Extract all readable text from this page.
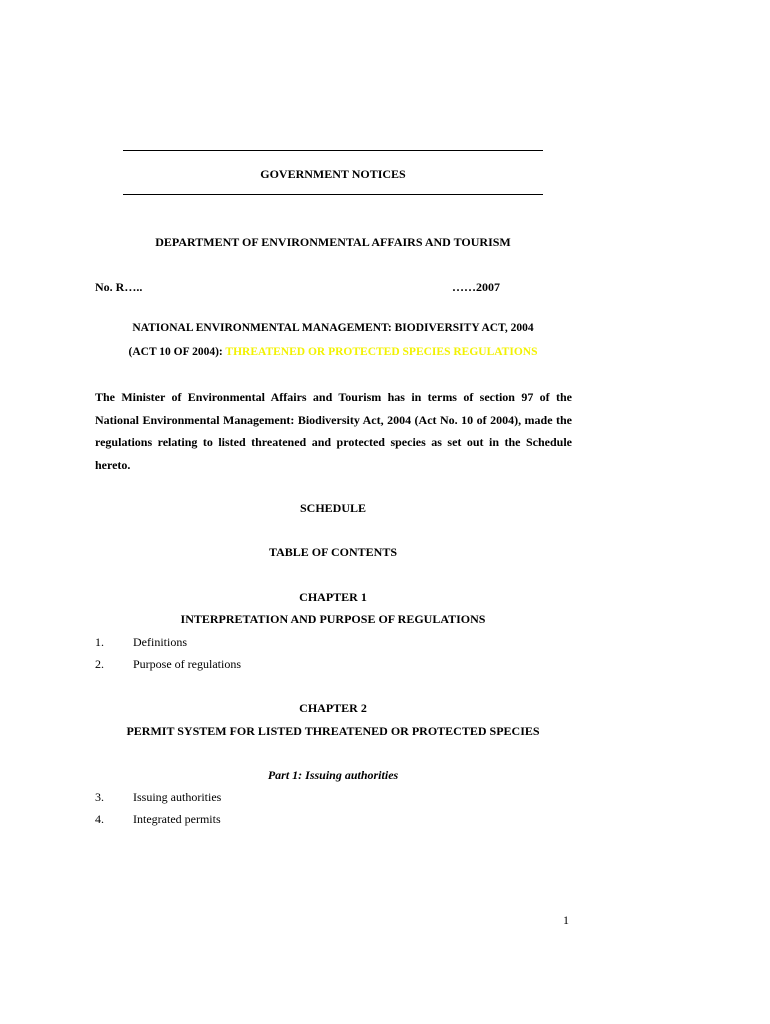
GOVERNMENT NOTICES
DEPARTMENT OF ENVIRONMENTAL AFFAIRS AND TOURISM
No. R…..	……2007
NATIONAL ENVIRONMENTAL MANAGEMENT: BIODIVERSITY ACT, 2004
(ACT 10 OF 2004): THREATENED OR PROTECTED SPECIES REGULATIONS
The Minister of Environmental Affairs and Tourism has in terms of section 97 of the National Environmental Management: Biodiversity Act, 2004 (Act No. 10 of 2004), made the regulations relating to listed threatened and protected species as set out in the Schedule hereto.
SCHEDULE
TABLE OF CONTENTS
CHAPTER 1
INTERPRETATION AND PURPOSE OF REGULATIONS
1. Definitions
2. Purpose of regulations
CHAPTER 2
PERMIT SYSTEM FOR LISTED THREATENED OR PROTECTED SPECIES
Part 1: Issuing authorities
3. Issuing authorities
4. Integrated permits
1
